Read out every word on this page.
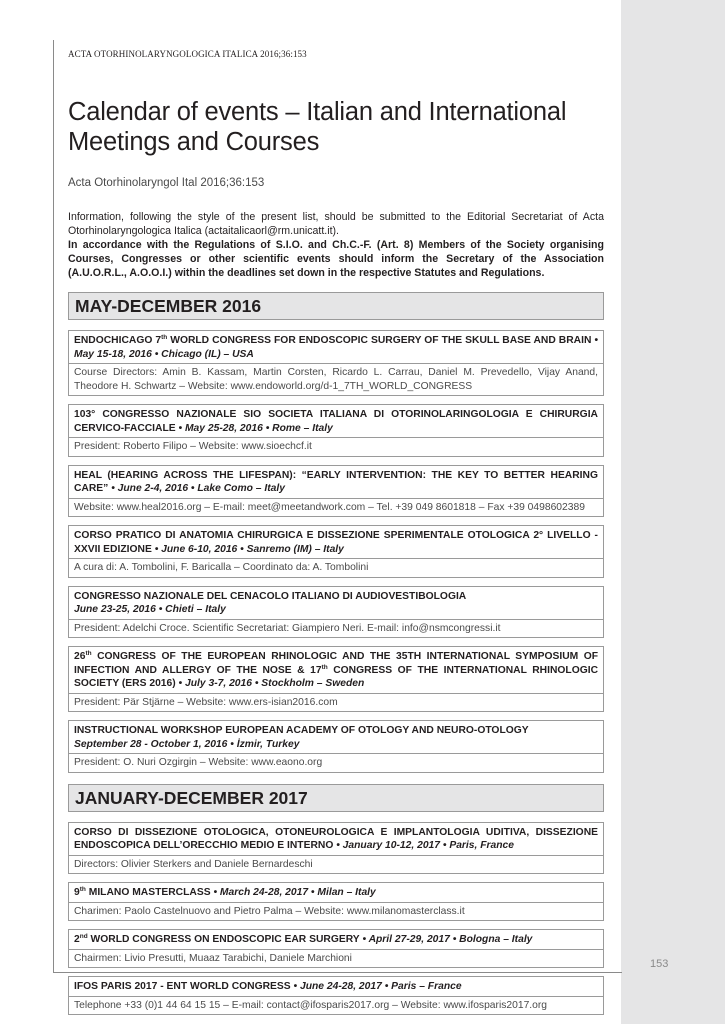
ACTA OTORHINOLARYNGOLOGICA ITALICA 2016;36:153
Calendar of events – Italian and International Meetings and Courses
Acta Otorhinolaryngol Ital 2016;36:153

Information, following the style of the present list, should be submitted to the Editorial Secretariat of Acta Otorhinolaryngologica Italica (actaitalicaorl@rm.unicatt.it).

In accordance with the Regulations of S.I.O. and Ch.C.-F. (Art. 8) Members of the Society organising Courses, Congresses or other scientific events should inform the Secretary of the Association (A.U.O.R.L., A.O.O.I.) within the deadlines set down in the respective Statutes and Regulations.

MAY-DECEMBER 2016
ENDOCHICAGO 7th WORLD CONGRESS FOR ENDOSCOPIC SURGERY OF THE SKULL BASE AND BRAIN • May 15-18, 2016 • Chicago (IL) – USA
Course Directors: Amin B. Kassam, Martin Corsten, Ricardo L. Carrau, Daniel M. Prevedello, Vijay Anand, Theodore H. Schwartz – Website: www.endoworld.org/d-1_7TH_WORLD_CONGRESS
103° CONGRESSO NAZIONALE SIO SOCIETA ITALIANA DI OTORINOLARINGOLOGIA E CHIRURGIA CERVICO-FACCIALE • May 25-28, 2016 • Rome – Italy
President: Roberto Filipo – Website: www.sioechcf.it
HEAL (HEARING ACROSS THE LIFESPAN): “EARLY INTERVENTION: THE KEY TO BETTER HEARING CARE” • June 2-4, 2016 • Lake Como – Italy
Website: www.heal2016.org – E-mail: meet@meetandwork.com – Tel. +39 049 8601818 – Fax +39 0498602389
CORSO PRATICO DI ANATOMIA CHIRURGICA E DISSEZIONE SPERIMENTALE OTOLOGICA 2° LIVELLO - XXVII EDIZIONE • June 6-10, 2016 • Sanremo (IM) – Italy
A cura di: A. Tombolini, F. Baricalla – Coordinato da: A. Tombolini
CONGRESSO NAZIONALE DEL CENACOLO ITALIANO DI AUDIOVESTIBOLOGIA
June 23-25, 2016 • Chieti – Italy
President: Adelchi Croce. Scientific Secretariat: Giampiero Neri. E-mail: info@nsmcongressi.it
26th CONGRESS OF THE EUROPEAN RHINOLOGIC AND THE 35TH INTERNATIONAL SYMPOSIUM OF INFECTION AND ALLERGY OF THE NOSE & 17th CONGRESS OF THE INTERNATIONAL RHINOLOGIC SOCIETY (ERS 2016) • July 3-7, 2016 • Stockholm – Sweden
President: Pär Stjärne – Website: www.ers-isian2016.com
INSTRUCTIONAL WORKSHOP EUROPEAN ACADEMY OF OTOLOGY AND NEURO-OTOLOGY
September 28 - October 1, 2016 • İzmir, Turkey
President: O. Nuri Ozgirgin – Website: www.eaono.org
JANUARY-DECEMBER 2017
CORSO DI DISSEZIONE OTOLOGICA, OTONEUROLOGICA E IMPLANTOLOGIA UDITIVA, DISSEZIONE ENDOSCOPICA DELL’ORECCHIO MEDIO E INTERNO • January 10-12, 2017 • Paris, France
Directors: Olivier Sterkers and Daniele Bernardeschi
9th MILANO MASTERCLASS • March 24-28, 2017 • Milan – Italy
Charimen: Paolo Castelnuovo and Pietro Palma – Website: www.milanomasterclass.it
2nd WORLD CONGRESS ON ENDOSCOPIC EAR SURGERY • April 27-29, 2017 • Bologna – Italy
Chairmen: Livio Presutti, Muaaz Tarabichi, Daniele Marchioni
IFOS PARIS 2017 - ENT WORLD CONGRESS • June 24-28, 2017 • Paris – France
Telephone +33 (0)1 44 64 15 15 – E-mail: contact@ifosparis2017.org – Website: www.ifosparis2017.org
153
